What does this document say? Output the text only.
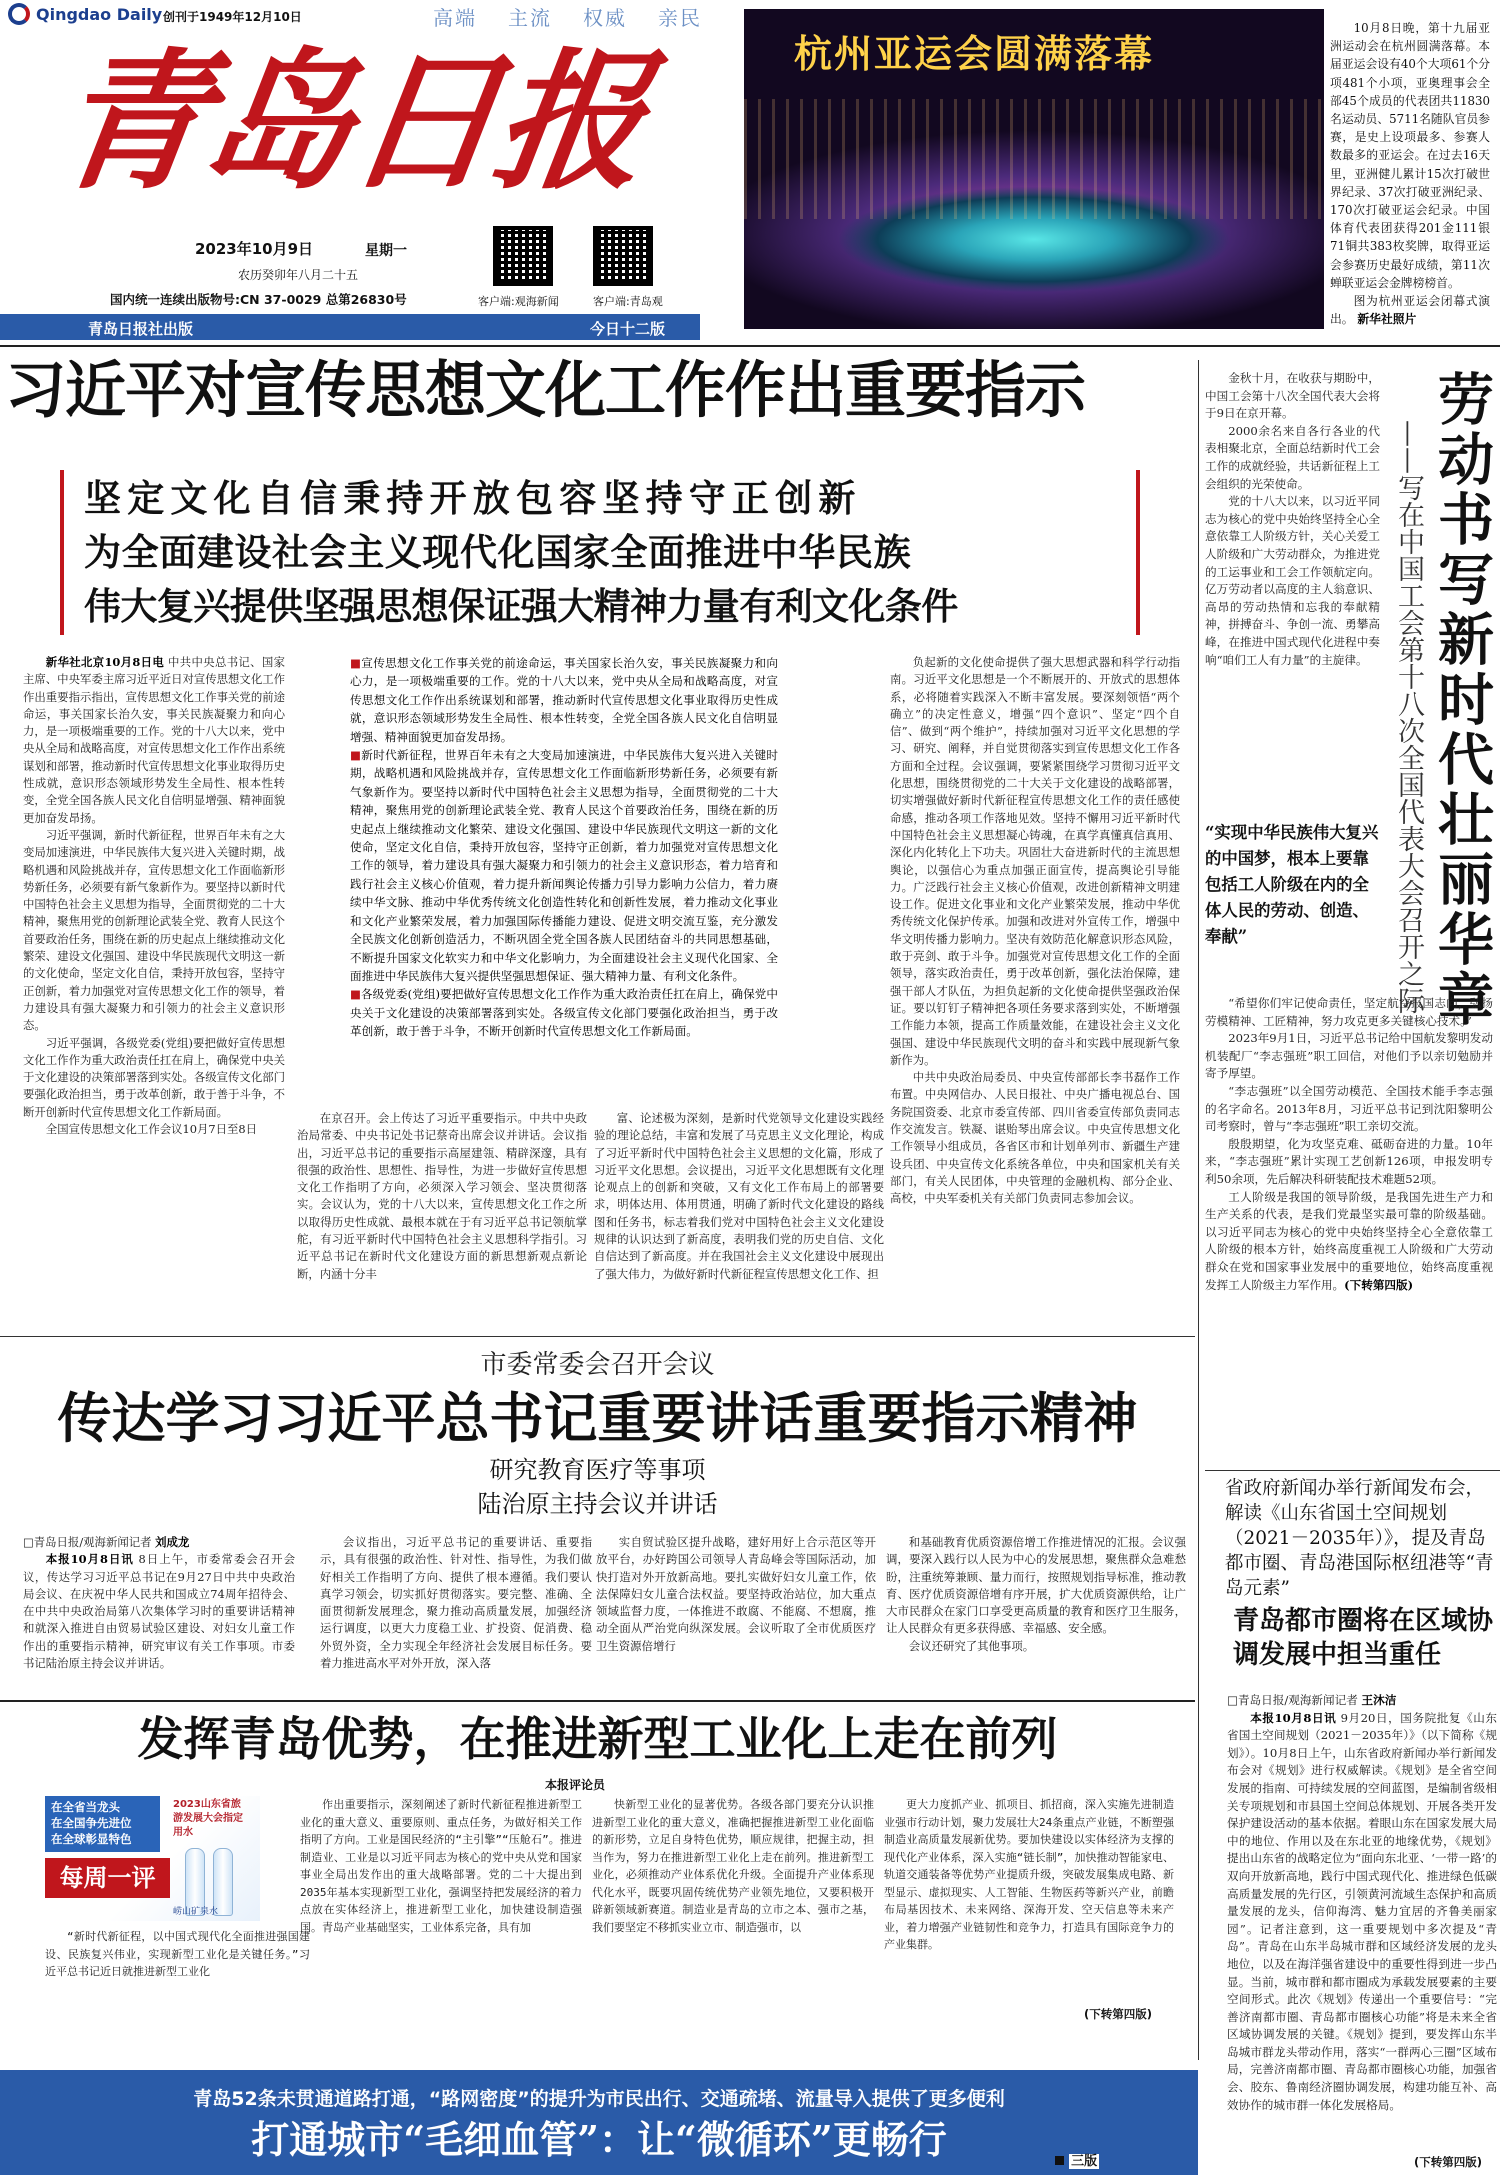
Qingdao Daily 创刊于1949年12月10日	高端 主流 权威 亲民
青岛日报
2023年10月9日	星期一
农历癸卯年八月二十五
国内统一连续出版物号:CN 37-0029 总第26830号	客户端:观海新闻	客户端:青岛观
青岛日报社出版	今日十二版
杭州亚运会圆满落幕

10月8日晚，第十九届亚洲运动会在杭州圆满落幕。本届亚运会设有40个大项61个分项481个小项，亚奥理事会全部45个成员的代表团共11830名运动员、5711名随队官员参赛，是史上设项最多、参赛人数最多的亚运会。在过去16天里，亚洲健儿累计15次打破世界纪录、37次打破亚洲纪录、170次打破亚运会纪录。中国体育代表团获得201金111银71铜共383枚奖牌，取得亚运会参赛历史最好成绩，第11次蝉联亚运会金牌榜榜首。

图为杭州亚运会闭幕式演出。 新华社照片

习近平对宣传思想文化工作作出重要指示
坚定文化自信秉持开放包容坚持守正创新
为全面建设社会主义现代化国家全面推进中华民族
伟大复兴提供坚强思想保证强大精神力量有利文化条件

新华社北京10月8日电 中共中央总书记、国家主席、中央军委主席习近平近日对宣传思想文化工作作出重要指示指出，宣传思想文化工作事关党的前途命运，事关国家长治久安，事关民族凝聚力和向心力，是一项极端重要的工作。党的十八大以来，党中央从全局和战略高度，对宣传思想文化工作作出系统谋划和部署，推动新时代宣传思想文化事业取得历史性成就，意识形态领域形势发生全局性、根本性转变，全党全国各族人民文化自信明显增强、精神面貌更加奋发昂扬。

习近平强调，新时代新征程，世界百年未有之大变局加速演进，中华民族伟大复兴进入关键时期，战略机遇和风险挑战并存，宣传思想文化工作面临新形势新任务，必须要有新气象新作为。要坚持以新时代中国特色社会主义思想为指导，全面贯彻党的二十大精神，聚焦用党的创新理论武装全党、教育人民这个首要政治任务，围绕在新的历史起点上继续推动文化繁荣、建设文化强国、建设中华民族现代文明这一新的文化使命，坚定文化自信，秉持开放包容，坚持守正创新，着力加强党对宣传思想文化工作的领导，着力建设具有强大凝聚力和引领力的社会主义意识形态。

习近平强调，各级党委(党组)要把做好宣传思想文化工作作为重大政治责任扛在肩上，确保党中央关于文化建设的决策部署落到实处。各级宣传文化部门要强化政治担当，勇于改革创新，敢于善于斗争，不断开创新时代宣传思想文化工作新局面。

全国宣传思想文化工作会议10月7日至8日

■宣传思想文化工作事关党的前途命运，事关国家长治久安，事关民族凝聚力和向心力，是一项极端重要的工作。党的十八大以来，党中央从全局和战略高度，对宣传思想文化工作作出系统谋划和部署，推动新时代宣传思想文化事业取得历史性成就，意识形态领域形势发生全局性、根本性转变，全党全国各族人民文化自信明显增强、精神面貌更加奋发昂扬。

■新时代新征程，世界百年未有之大变局加速演进，中华民族伟大复兴进入关键时期，战略机遇和风险挑战并存，宣传思想文化工作面临新形势新任务，必须要有新气象新作为。要坚持以新时代中国特色社会主义思想为指导，全面贯彻党的二十大精神，聚焦用党的创新理论武装全党、教育人民这个首要政治任务，围绕在新的历史起点上继续推动文化繁荣、建设文化强国、建设中华民族现代文明这一新的文化使命，坚定文化自信，秉持开放包容，坚持守正创新，着力加强党对宣传思想文化工作的领导，着力建设具有强大凝聚力和引领力的社会主义意识形态，着力培育和践行社会主义核心价值观，着力提升新闻舆论传播力引导力影响力公信力，着力赓续中华文脉、推动中华优秀传统文化创造性转化和创新性发展，着力推动文化事业和文化产业繁荣发展，着力加强国际传播能力建设、促进文明交流互鉴，充分激发全民族文化创新创造活力，不断巩固全党全国各族人民团结奋斗的共同思想基础，不断提升国家文化软实力和中华文化影响力，为全面建设社会主义现代化国家、全面推进中华民族伟大复兴提供坚强思想保证、强大精神力量、有利文化条件。

■各级党委(党组)要把做好宣传思想文化工作作为重大政治责任扛在肩上，确保党中央关于文化建设的决策部署落到实处。各级宣传文化部门要强化政治担当，勇于改革创新，敢于善于斗争，不断开创新时代宣传思想文化工作新局面。

在京召开。会上传达了习近平重要指示。中共中央政治局常委、中央书记处书记蔡奇出席会议并讲话。会议指出，习近平总书记的重要指示高屋建瓴、精辟深邃，具有很强的政治性、思想性、指导性，为进一步做好宣传思想文化工作指明了方向，必须深入学习领会、坚决贯彻落实。会议认为，党的十八大以来，宣传思想文化工作之所以取得历史性成就、最根本就在于有习近平总书记领航掌舵，有习近平新时代中国特色社会主义思想科学指引。习近平总书记在新时代文化建设方面的新思想新观点新论断，内涵十分丰

富、论述极为深刻，是新时代党领导文化建设实践经验的理论总结，丰富和发展了马克思主义文化理论，构成了习近平新时代中国特色社会主义思想的文化篇，形成了习近平文化思想。会议提出，习近平文化思想既有文化理论观点上的创新和突破，又有文化工作布局上的部署要求，明体达用、体用贯通，明确了新时代文化建设的路线图和任务书，标志着我们党对中国特色社会主义文化建设规律的认识达到了新高度，表明我们党的历史自信、文化自信达到了新高度。并在我国社会主义文化建设中展现出了强大伟力，为做好新时代新征程宣传思想文化工作、担

负起新的文化使命提供了强大思想武器和科学行动指南。习近平文化思想是一个不断展开的、开放式的思想体系，必将随着实践深入不断丰富发展。要深刻领悟“两个确立”的决定性意义，增强“四个意识”、坚定“四个自信”、做到“两个维护”，持续加强对习近平文化思想的学习、研究、阐释，并自觉贯彻落实到宣传思想文化工作各方面和全过程。会议强调，要紧紧围绕学习贯彻习近平文化思想，围绕贯彻党的二十大关于文化建设的战略部署，切实增强做好新时代新征程宣传思想文化工作的责任感使命感，推动各项工作落地见效。坚持不懈用习近平新时代中国特色社会主义思想凝心铸魂，在真学真懂真信真用、深化内化转化上下功夫。巩固壮大奋进新时代的主流思想舆论，以强信心为重点加强正面宣传，提高舆论引导能力。广泛践行社会主义核心价值观，改进创新精神文明建设工作。促进文化事业和文化产业繁荣发展，推动中华优秀传统文化保护传承。加强和改进对外宣传工作，增强中华文明传播力影响力。坚决有效防范化解意识形态风险，敢于亮剑、敢于斗争。加强党对宣传思想文化工作的全面领导，落实政治责任，勇于改革创新，强化法治保障，建强干部人才队伍，为担负起新的文化使命提供坚强政治保证。要以钉钉子精神把各项任务要求落到实处，不断增强工作能力本领，提高工作质量效能，在建设社会主义文化强国、建设中华民族现代文明的奋斗和实践中展现新气象新作为。

中共中央政治局委员、中央宣传部部长李书磊作工作布置。中央网信办、人民日报社、中央广播电视总台、国务院国资委、北京市委宣传部、四川省委宣传部负责同志作交流发言。铁凝、谌贻琴出席会议。中央宣传思想文化工作领导小组成员，各省区市和计划单列市、新疆生产建设兵团、中央宣传文化系统各单位，中央和国家机关有关部门，有关人民团体，中央管理的金融机构、部分企业、高校，中央军委机关有关部门负责同志参加会议。

劳动书写新时代壮丽华章
——写在中国工会第十八次全国代表大会召开之际

金秋十月，在收获与期盼中，中国工会第十八次全国代表大会将于9日在京开幕。

2000余名来自各行各业的代表相聚北京，全面总结新时代工会工作的成就经验，共话新征程上工会组织的光荣使命。

党的十八大以来，以习近平同志为核心的党中央始终坚持全心全意依靠工人阶级方针，关心关爱工人阶级和广大劳动群众，为推进党的工运事业和工会工作领航定向。亿万劳动者以高度的主人翁意识、高昂的劳动热情和忘我的奉献精神，拼搏奋斗、争创一流、勇攀高峰，在推进中国式现代化进程中奏响“咱们工人有力量”的主旋律。

“实现中华民族伟大复兴的中国梦，根本上要靠包括工人阶级在内的全体人民的劳动、创造、奉献”

“希望你们牢记使命责任，坚定航空报国志向，弘扬劳模精神、工匠精神，努力攻克更多关键核心技术。”

2023年9月1日，习近平总书记给中国航发黎明发动机装配厂“李志强班”职工回信，对他们予以亲切勉励并寄予厚望。

“李志强班”以全国劳动模范、全国技术能手李志强的名字命名。2013年8月，习近平总书记到沈阳黎明公司考察时，曾与“李志强班”职工亲切交流。

殷殷期望，化为攻坚克难、砥砺奋进的力量。10年来，“李志强班”累计实现工艺创新126项，申报发明专利50余项，先后解决科研装配技术难题52项。

工人阶级是我国的领导阶级，是我国先进生产力和生产关系的代表，是我们党最坚实最可靠的阶级基础。以习近平同志为核心的党中央始终坚持全心全意依靠工人阶级的根本方针，始终高度重视工人阶级和广大劳动群众在党和国家事业发展中的重要地位，始终高度重视发挥工人阶级主力军作用。(下转第四版)

市委常委会召开会议
传达学习习近平总书记重要讲话重要指示精神
研究教育医疗等事项
陆治原主持会议并讲话

□青岛日报/观海新闻记者 刘成龙

本报10月8日讯 8日上午，市委常委会召开会议，传达学习习近平总书记在9月27日中共中央政治局会议、在庆祝中华人民共和国成立74周年招待会、在中共中央政治局第八次集体学习时的重要讲话精神和就深入推进自由贸易试验区建设、对妇女儿童工作作出的重要指示精神，研究审议有关工作事项。市委书记陆治原主持会议并讲话。

会议指出，习近平总书记的重要讲话、重要指示，具有很强的政治性、针对性、指导性，为我们做好相关工作指明了方向、提供了根本遵循。我们要认真学习领会，切实抓好贯彻落实。要完整、准确、全面贯彻新发展理念，聚力推动高质量发展，加强经济运行调度，以更大力度稳工业、扩投资、促消费、稳外贸外资，全力实现全年经济社会发展目标任务。要着力推进高水平对外开放，深入落

实自贸试验区提升战略，建好用好上合示范区等开放平台，办好跨国公司领导人青岛峰会等国际活动，加快打造对外开放新高地。要扎实做好妇女儿童工作，依法保障妇女儿童合法权益。要坚持政治站位，加大重点领域监督力度，一体推进不敢腐、不能腐、不想腐，推动全面从严治党向纵深发展。会议听取了全市优质医疗卫生资源倍增行

和基础教育优质资源倍增工作推进情况的汇报。会议强调，要深入践行以人民为中心的发展思想，聚焦群众急难愁盼，注重统筹兼顾、量力而行，按照规划指导标准，推动教育、医疗优质资源倍增有序开展，扩大优质资源供给，让广大市民群众在家门口享受更高质量的教育和医疗卫生服务，让人民群众有更多获得感、幸福感、安全感。

会议还研究了其他事项。

省政府新闻办举行新闻发布会，解读《山东省国土空间规划（2021－2035年）》，提及青岛都市圈、青岛港国际枢纽港等“青岛元素”
青岛都市圈将在区域协调发展中担当重任

□青岛日报/观海新闻记者 王沐洁

本报10月8日讯 9月20日，国务院批复《山东省国土空间规划（2021－2035年）》（以下简称《规划》）。10月8日上午，山东省政府新闻办举行新闻发布会对《规划》进行权威解读。《规划》是全省空间发展的指南、可持续发展的空间蓝图，是编制省级相关专项规划和市县国土空间总体规划、开展各类开发保护建设活动的基本依据。着眼山东在国家发展大局中的地位、作用以及在东北亚的地缘优势，《规划》提出山东省的战略定位为“面向东北亚、‘一带一路’的双向开放新高地，践行中国式现代化、推进绿色低碳高质量发展的先行区，引领黄河流域生态保护和高质量发展的龙头，信仰海湾、魅力宜居的齐鲁美丽家园”。记者注意到，这一重要规划中多次提及“青岛”。青岛在山东半岛城市群和区域经济发展的龙头地位，以及在海洋强省建设中的重要性得到进一步凸显。当前，城市群和都市圈成为承载发展要素的主要空间形式。此次《规划》传递出一个重要信号：“完善济南都市圈、青岛都市圈核心功能”将是未来全省区域协调发展的关键。《规划》提到，要发挥山东半岛城市群龙头带动作用，落实“一群两心三圈”区域布局，完善济南都市圈、青岛都市圈核心功能，加强省会、胶东、鲁南经济圈协调发展，构建功能互补、高效协作的城市群一体化发展格局。

(下转第四版)
发挥青岛优势，在推进新型工业化上走在前列
本报评论员
在全省当龙头
在全国争先进位
在全球彰显特色
每周一评
2023山东省旅游发展大会指定用水
崂山矿泉水

“新时代新征程，以中国式现代化全面推进强国建设、民族复兴伟业，实现新型工业化是关键任务。”习近平总书记近日就推进新型工业化

作出重要指示，深刻阐述了新时代新征程推进新型工业化的重大意义、重要原则、重点任务，为做好相关工作指明了方向。工业是国民经济的“主引擎”“压舱石”。推进制造业、工业是以习近平同志为核心的党中央从党和国家事业全局出发作出的重大战略部署。党的二十大提出到2035年基本实现新型工业化，强调坚持把发展经济的着力点放在实体经济上，推进新型工业化，加快建设制造强国。青岛产业基础坚实，工业体系完备，具有加

快新型工业化的显著优势。各级各部门要充分认识推进新型工业化的重大意义，准确把握推进新型工业化面临的新形势，立足自身特色优势，顺应规律，把握主动，担当作为，努力在推进新型工业化上走在前列。推进新型工业化，必须推动产业体系优化升级。全面提升产业体系现代化水平，既要巩固传统优势产业领先地位，又要积极开辟新领域新赛道。制造业是青岛的立市之本、强市之基，我们要坚定不移抓实业立市、制造强市，以

更大力度抓产业、抓项目、抓招商，深入实施先进制造业强市行动计划，聚力发展壮大24条重点产业链，不断塑强制造业高质量发展新优势。要加快建设以实体经济为支撑的现代化产业体系，深入实施“链长制”，加快推动智能家电、轨道交通装备等优势产业提质升级，突破发展集成电路、新型显示、虚拟现实、人工智能、生物医药等新兴产业，前瞻布局基因技术、未来网络、深海开发、空天信息等未来产业，着力增强产业链韧性和竞争力，打造具有国际竞争力的产业集群。

(下转第四版)
青岛52条未贯通道路打通，“路网密度”的提升为市民出行、交通疏堵、流量导入提供了更多便利
打通城市“毛细血管”：让“微循环”更畅行	三版
